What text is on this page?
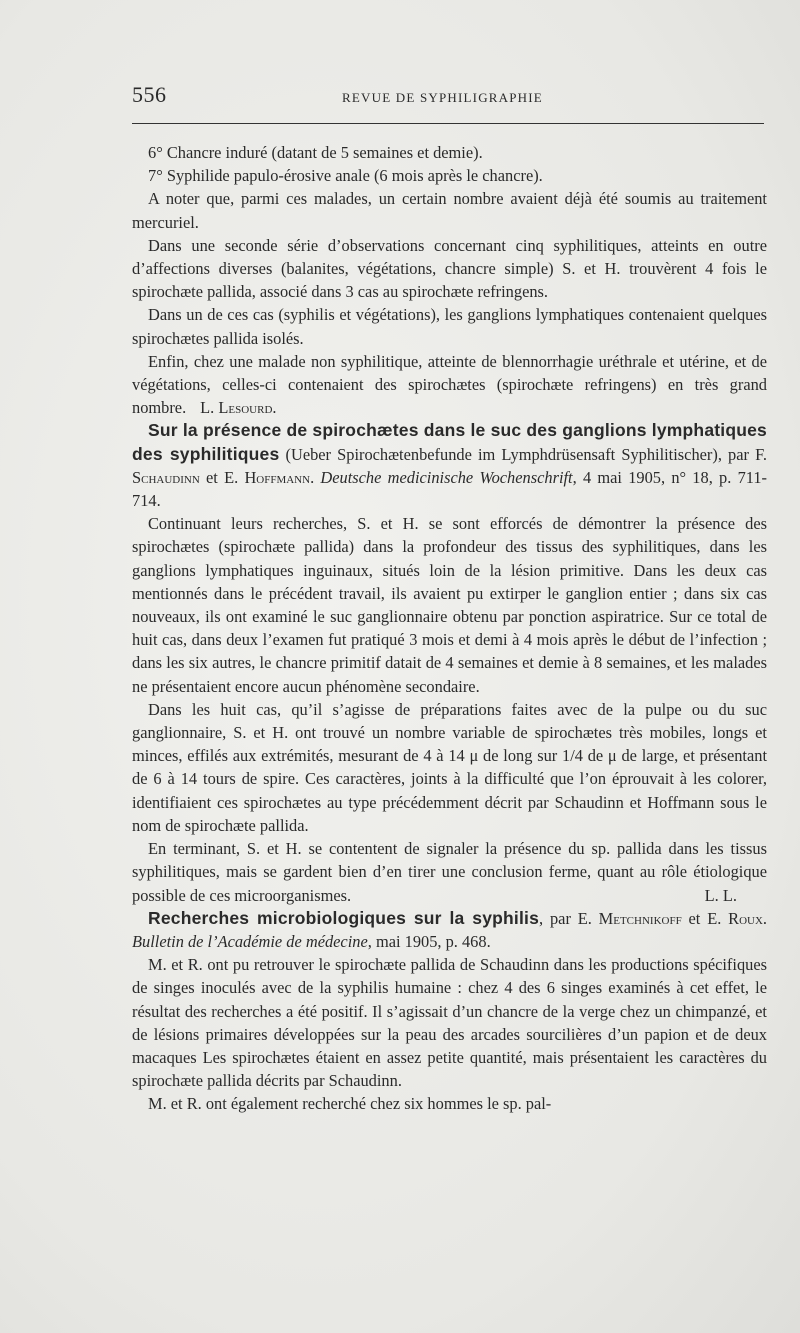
556	REVUE DE SYPHILIGRAPHIE

6° Chancre induré (datant de 5 semaines et demie).

7° Syphilide papulo-érosive anale (6 mois après le chancre).

A noter que, parmi ces malades, un certain nombre avaient déjà été soumis au traitement mercuriel.

Dans une seconde série d’observations concernant cinq syphilitiques, atteints en outre d’affections diverses (balanites, végétations, chancre simple) S. et H. trouvèrent 4 fois le spirochæte pallida, associé dans 3 cas au spirochæte refringens.

Dans un de ces cas (syphilis et végétations), les ganglions lymphatiques contenaient quelques spirochætes pallida isolés.

Enfin, chez une malade non syphilitique, atteinte de blennorrhagie uréthrale et utérine, et de végétations, celles-ci contenaient des spirochætes (spirochæte refringens) en très grand nombre. L. Lesourd.

Sur la présence de spirochætes dans le suc des ganglions lymphatiques des syphilitiques (Ueber Spirochætenbefunde im Lymphdrüsensaft Syphilitischer), par F. Schaudinn et E. Hoffmann. Deutsche medicinische Wochenschrift, 4 mai 1905, n° 18, p. 711-714.

Continuant leurs recherches, S. et H. se sont efforcés de démontrer la présence des spirochætes (spirochæte pallida) dans la profondeur des tissus des syphilitiques, dans les ganglions lymphatiques inguinaux, situés loin de la lésion primitive. Dans les deux cas mentionnés dans le précédent travail, ils avaient pu extirper le ganglion entier ; dans six cas nouveaux, ils ont examiné le suc ganglionnaire obtenu par ponction aspiratrice. Sur ce total de huit cas, dans deux l’examen fut pratiqué 3 mois et demi à 4 mois après le début de l’infection ; dans les six autres, le chancre primitif datait de 4 semaines et demie à 8 semaines, et les malades ne présentaient encore aucun phénomène secondaire.

Dans les huit cas, qu’il s’agisse de préparations faites avec de la pulpe ou du suc ganglionnaire, S. et H. ont trouvé un nombre variable de spirochætes très mobiles, longs et minces, effilés aux extrémités, mesurant de 4 à 14 μ de long sur 1/4 de μ de large, et présentant de 6 à 14 tours de spire. Ces caractères, joints à la difficulté que l’on éprouvait à les colorer, identifiaient ces spirochætes au type précédemment décrit par Schaudinn et Hoffmann sous le nom de spirochæte pallida.

En terminant, S. et H. se contentent de signaler la présence du sp. pallida dans les tissus syphilitiques, mais se gardent bien d’en tirer une conclusion ferme, quant au rôle étiologique possible de ces microorganismes.	L. L.

Recherches microbiologiques sur la syphilis, par E. Metchnikoff et E. Roux. Bulletin de l’Académie de médecine, mai 1905, p. 468.

M. et R. ont pu retrouver le spirochæte pallida de Schaudinn dans les productions spécifiques de singes inoculés avec de la syphilis humaine : chez 4 des 6 singes examinés à cet effet, le résultat des recherches a été positif. Il s’agissait d’un chancre de la verge chez un chimpanzé, et de lésions primaires développées sur la peau des arcades sourcilières d’un papion et de deux macaques Les spirochætes étaient en assez petite quantité, mais présentaient les caractères du spirochæte pallida décrits par Schaudinn.

M. et R. ont également recherché chez six hommes le sp. pal-
